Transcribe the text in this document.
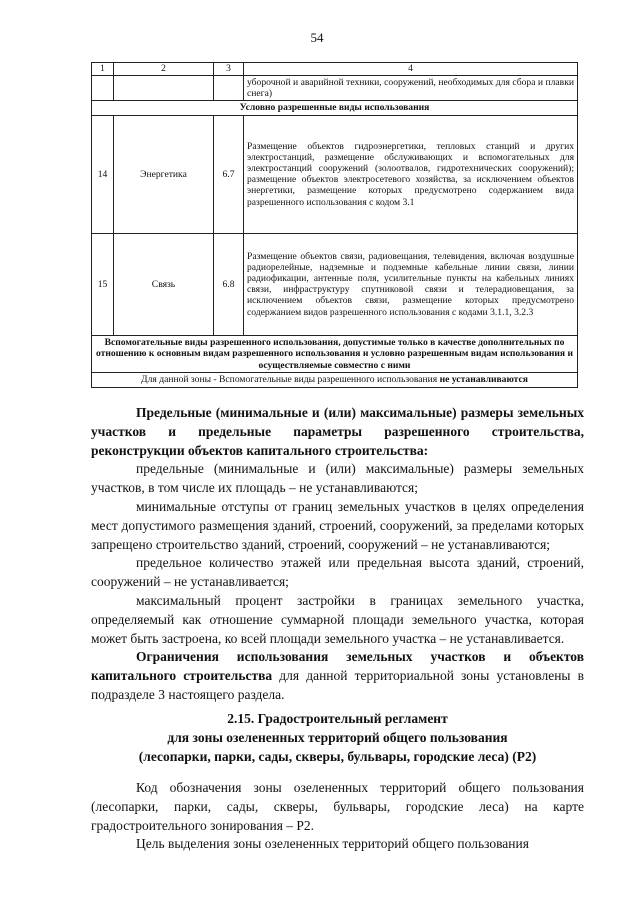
54
1	2	3	4
			уборочной и аварийной техники, сооружений, необходимых для сбора и плавки снега)
Условно разрешенные виды использования			
14	Энергетика	6.7	Размещение объектов гидроэнергетики, тепловых станций и других электростанций, размещение обслуживающих и вспомогательных для электростанций сооружений (золоотвалов, гидротехнических сооружений); размещение объектов электросетевого хозяйства, за исключением объектов энергетики, размещение которых предусмотрено содержанием вида разрешенного использования с кодом 3.1
15	Связь	6.8	Размещение объектов связи, радиовещания, телевидения, включая воздушные радиорелейные, надземные и подземные кабельные линии связи, линии радиофикации, антенные поля, усилительные пункты на кабельных линиях связи, инфраструктуру спутниковой связи и телерадиовещания, за исключением объектов связи, размещение которых предусмотрено содержанием видов разрешенного использования с кодами 3.1.1, 3.2.3
Вспомогательные виды разрешенного использования, допустимые только в качестве дополнительных по отношению к основным видам разрешенного использования и условно разрешенным видам использования и осуществляемые совместно с ними			
Для данной зоны - Вспомогательные виды разрешенного использования не устанавливаются			

Предельные (минимальные и (или) максимальные) размеры земельных участков и предельные параметры разрешенного строительства, реконструкции объектов капитального строительства:

предельные (минимальные и (или) максимальные) размеры земельных участков, в том числе их площадь – не устанавливаются;

минимальные отступы от границ земельных участков в целях определения мест допустимого размещения зданий, строений, сооружений, за пределами которых запрещено строительство зданий, строений, сооружений – не устанавливаются;

предельное количество этажей или предельная высота зданий, строений, сооружений – не устанавливается;

максимальный процент застройки в границах земельного участка, определяемый как отношение суммарной площади земельного участка, которая может быть застроена, ко всей площади земельного участка – не устанавливается.

Ограничения использования земельных участков и объектов капитального строительства для данной территориальной зоны установлены в подразделе 3 настоящего раздела.

2.15. Градостроительный регламент
для зоны озелененных территорий общего пользования
(лесопарки, парки, сады, скверы, бульвары, городские леса) (Р2)

Код обозначения зоны озелененных территорий общего пользования (лесопарки, парки, сады, скверы, бульвары, городские леса) на карте градостроительного зонирования – Р2.

Цель выделения зоны озелененных территорий общего пользования
